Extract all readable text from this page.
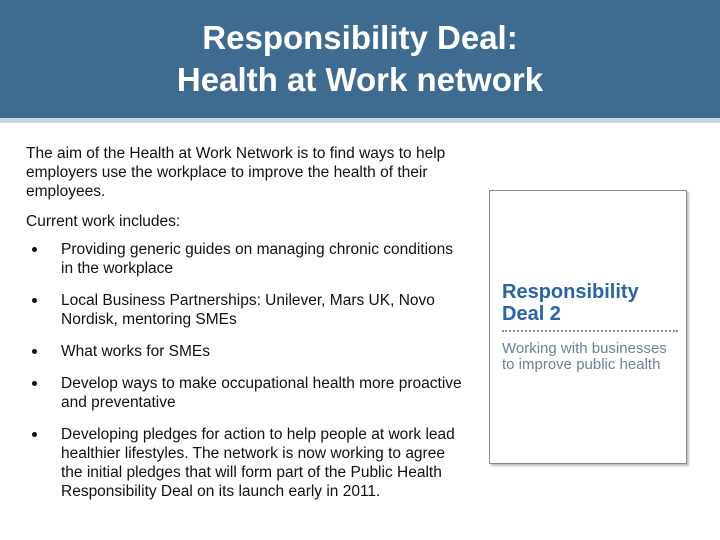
Responsibility Deal:
Health at Work network

The aim of the Health at Work Network is to find ways to help employers use the workplace to improve the health of their employees.

Current work includes:

Providing generic guides on managing chronic conditions in the workplace
Local Business Partnerships: Unilever, Mars UK, Novo Nordisk, mentoring SMEs
What works for SMEs
Develop ways to make occupational health more proactive and preventative
Developing pledges for action to help people at work lead healthier lifestyles. The network is now working to agree the initial pledges that will form part of the Public Health Responsibility Deal on its launch early in 2011.
Responsibility
Deal 2
Working with businesses to improve public health
